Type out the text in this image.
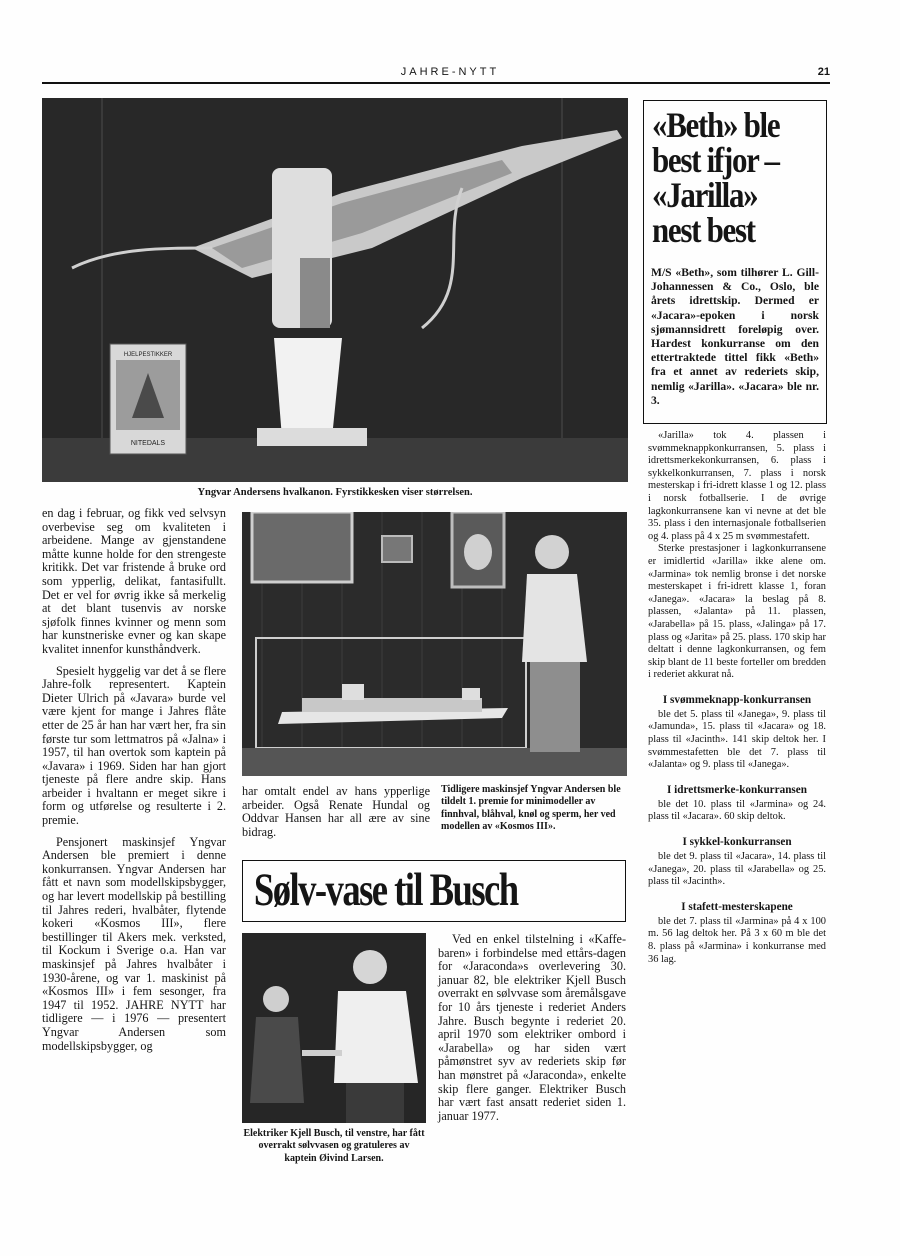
JAHRE-NYTT	21
HJELPESTIKKER
NITEDALS
Yngvar Andersens hvalkanon. Fyrstikkesken viser størrelsen.

en dag i februar, og fikk ved selvsyn overbevise seg om kvaliteten i arbeidene. Mange av gjenstandene måtte kunne holde for den strengeste kritikk. Det var fristende å bruke ord som ypperlig, delikat, fantasifullt. Det er vel for øvrig ikke så merkelig at det blant tusenvis av norske sjøfolk finnes kvinner og menn som har kunstneriske evner og kan skape kvalitet innenfor kunsthåndverk.

Spesielt hyggelig var det å se flere Jahre-folk representert. Kaptein Dieter Ulrich på «Javara» burde vel være kjent for mange i Jahres flåte etter de 25 år han har vært her, fra sin første tur som lettmatros på «Jalna» i 1957, til han overtok som kaptein på «Javara» i 1969. Siden har han gjort tjeneste på flere andre skip. Hans arbeider i hvaltann er meget sikre i form og utførelse og resulterte i 2. premie.

Pensjonert maskinsjef Yngvar Andersen ble premiert i denne konkurransen. Yngvar Andersen har fått et navn som modellskipsbygger, og har levert modellskip på bestilling til Jahres rederi, hvalbåter, flytende kokeri «Kosmos III», flere bestillinger til Akers mek. verksted, til Kockum i Sverige o.a. Han var maskinsjef på Jahres hvalbåter i 1930-årene, og var 1. maskinist på «Kosmos III» i fem sesonger, fra 1947 til 1952. JAHRE NYTT har tidligere — i 1976 — presentert Yngvar Andersen som modellskipsbygger, og

har omtalt endel av hans ypperlige arbeider. Også Renate Hundal og Oddvar Hansen har all ære av sine bidrag.

Tidligere maskinsjef Yngvar Andersen ble tildelt 1. premie for minimodeller av finnhval, blåhval, knøl og sperm, her ved modellen av «Kosmos III».
Sølv-vase til Busch
Elektriker Kjell Busch, til venstre, har fått overrakt sølvvasen og gratuleres av kaptein Øivind Larsen.

Ved en enkel tilstelning i «Kaffe-baren» i forbindelse med ettårs-dagen for «Jaraconda»s overlevering 30. januar 82, ble elektriker Kjell Busch overrakt en sølvvase som åremålsgave for 10 års tjeneste i rederiet Anders Jahre. Busch begynte i rederiet 20. april 1970 som elektriker ombord i «Jarabella» og har siden vært påmønstret syv av rederiets skip før han mønstret på «Jaraconda», enkelte skip flere ganger. Elektriker Busch har vært fast ansatt rederiet siden 1. januar 1977.

«Beth» ble
best ifjor –
«Jarilla»
nest best
M/S «Beth», som tilhører L. Gill-Johannessen & Co., Oslo, ble årets idrettskip. Dermed er «Jacara»-epoken i norsk sjømannsidrett foreløpig over. Hardest konkurranse om den ettertraktede tittel fikk «Beth» fra et annet av rederiets skip, nemlig «Jarilla». «Jacara» ble nr. 3.

«Jarilla» tok 4. plassen i svømmeknappkonkurransen, 5. plass i idrettsmerkekonkurransen, 6. plass i sykkelkonkurransen, 7. plass i norsk mesterskap i fri-idrett klasse 1 og 12. plass i norsk fotballserie. I de øvrige lagkonkurransene kan vi nevne at det ble 35. plass i den internasjonale fotballserien og 4. plass på 4 x 25 m svømmestafett.

Sterke prestasjoner i lagkonkurransene er imidlertid «Jarilla» ikke alene om. «Jarmina» tok nemlig bronse i det norske mesterskapet i fri-idrett klasse 1, foran «Janega». «Jacara» la beslag på 8. plassen, «Jalanta» på 11. plassen, «Jarabella» på 15. plass, «Jalinga» på 17. plass og «Jarita» på 25. plass. 170 skip har deltatt i denne lagkonkurransen, og fem skip blant de 11 beste forteller om bredden i rederiet akkurat nå.

I svømmeknapp-konkurransen

ble det 5. plass til «Janega», 9. plass til «Jamunda», 15. plass til «Jacara» og 18. plass til «Jacinth». 141 skip deltok her. I svømmestafetten ble det 7. plass til «Jalanta» og 9. plass til «Janega».

I idrettsmerke-konkurransen

ble det 10. plass til «Jarmina» og 24. plass til «Jacara». 60 skip deltok.

I sykkel-konkurransen

ble det 9. plass til «Jacara», 14. plass til «Janega», 20. plass til «Jarabella» og 25. plass til «Jacinth».

I stafett-mesterskapene

ble det 7. plass til «Jarmina» på 4 x 100 m. 56 lag deltok her. På 3 x 60 m ble det 8. plass på «Jarmina» i konkurranse med 36 lag.
